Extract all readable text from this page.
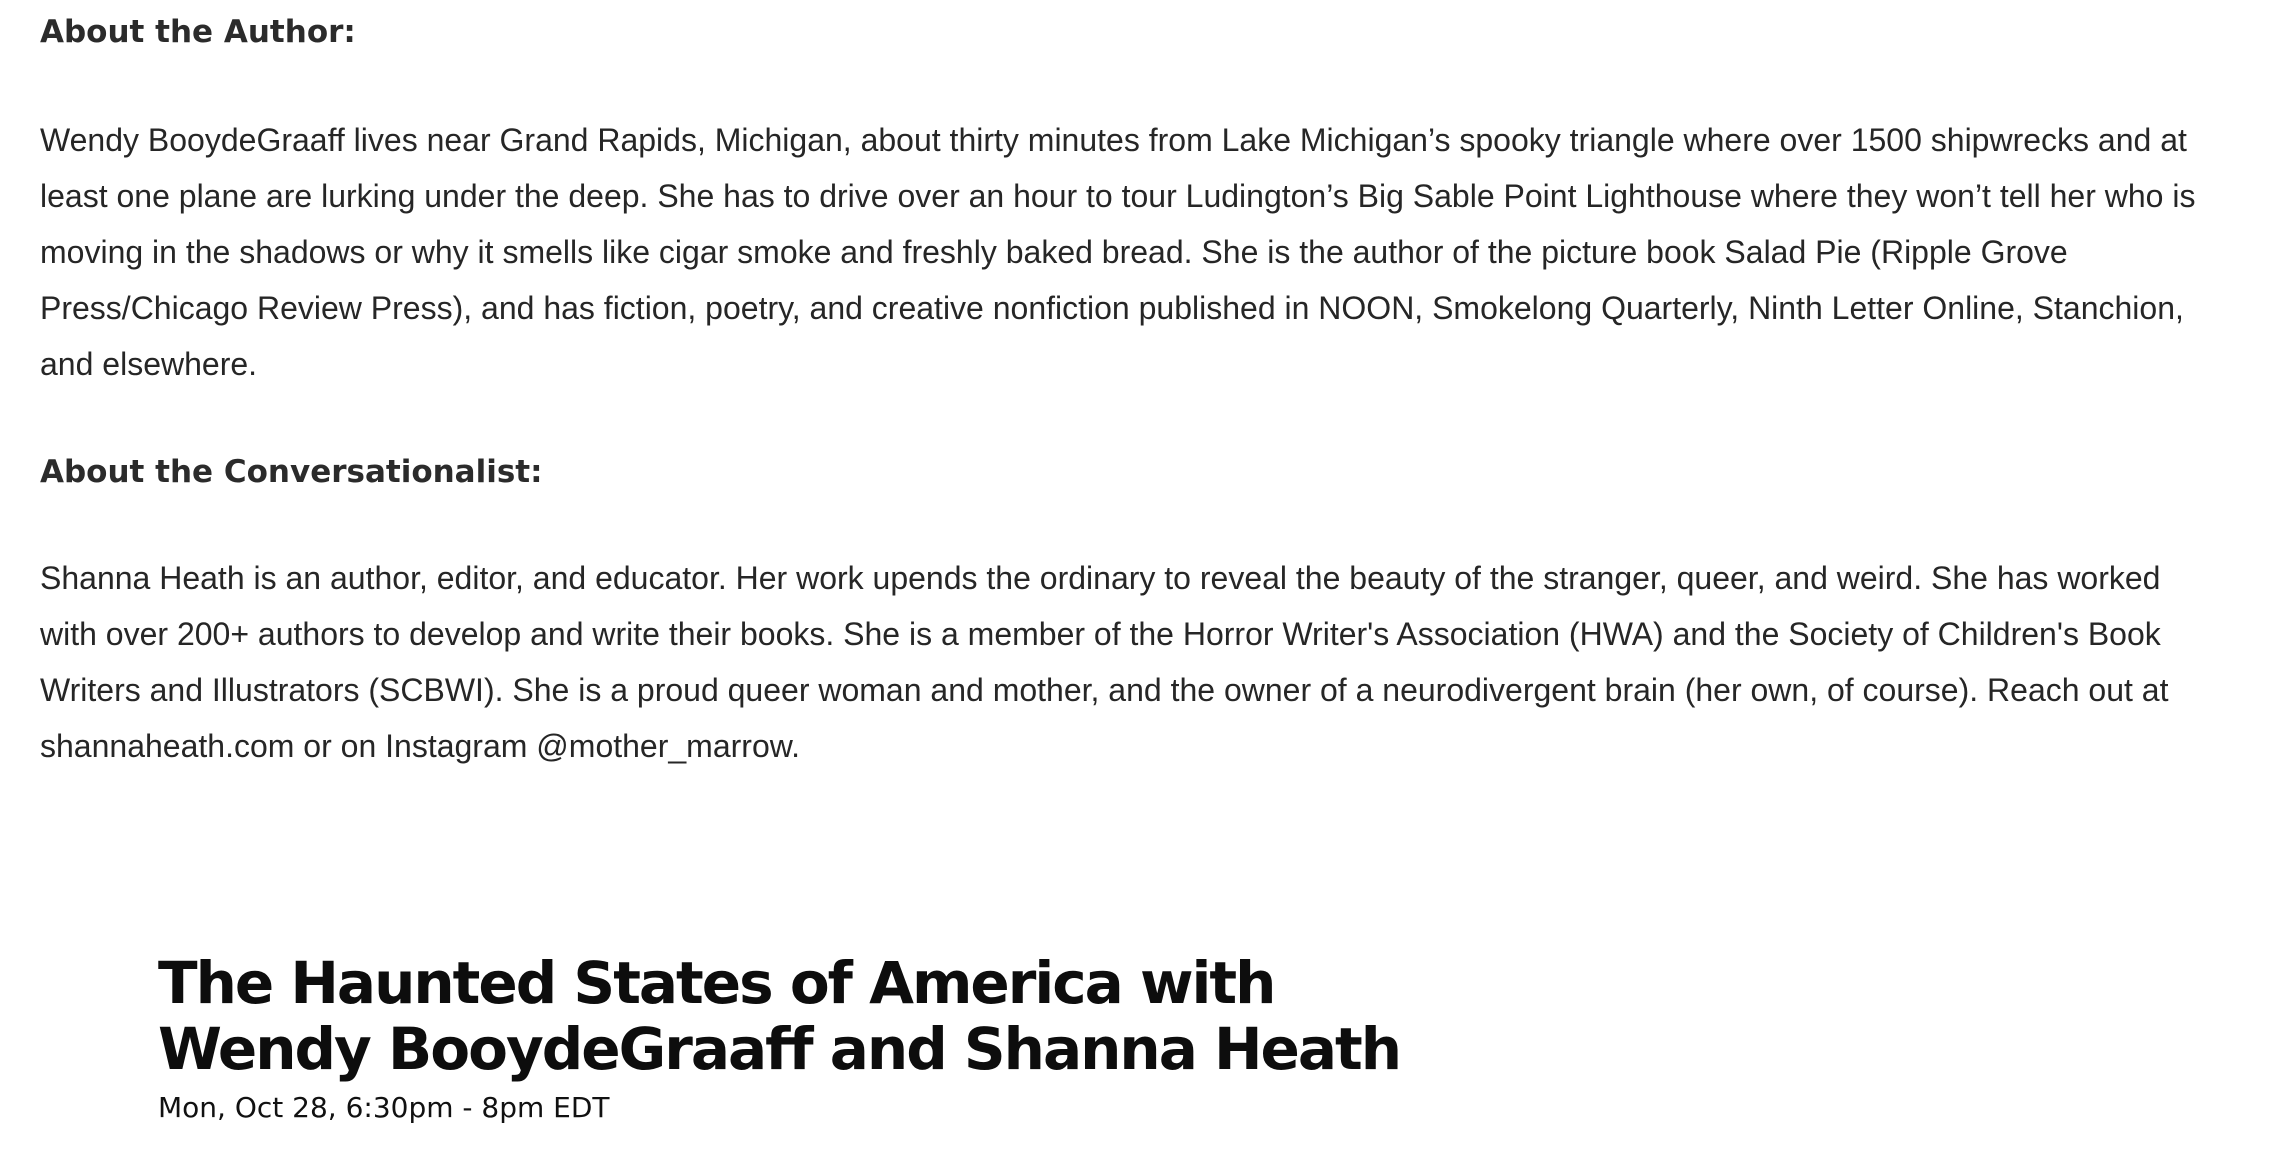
About the Author:

Wendy BooydeGraaff lives near Grand Rapids, Michigan, about thirty minutes from Lake Michigan’s spooky triangle where over 1500 shipwrecks and at
least one plane are lurking under the deep. She has to drive over an hour to tour Ludington’s Big Sable Point Lighthouse where they won’t tell her who is
moving in the shadows or why it smells like cigar smoke and freshly baked bread. She is the author of the picture book Salad Pie (Ripple Grove
Press/Chicago Review Press), and has fiction, poetry, and creative nonfiction published in NOON, Smokelong Quarterly, Ninth Letter Online, Stanchion,
and elsewhere.

About the Conversationalist:

Shanna Heath is an author, editor, and educator. Her work upends the ordinary to reveal the beauty of the stranger, queer, and weird. She has worked
with over 200+ authors to develop and write their books. She is a member of the Horror Writer's Association (HWA) and the Society of Children's Book
Writers and Illustrators (SCBWI). She is a proud queer woman and mother, and the owner of a neurodivergent brain (her own, of course). Reach out at
shannaheath.com or on Instagram @mother_marrow.

The Haunted States of America with
Wendy BooydeGraaff and Shanna Heath
Mon, Oct 28, 6:30pm - 8pm EDT
